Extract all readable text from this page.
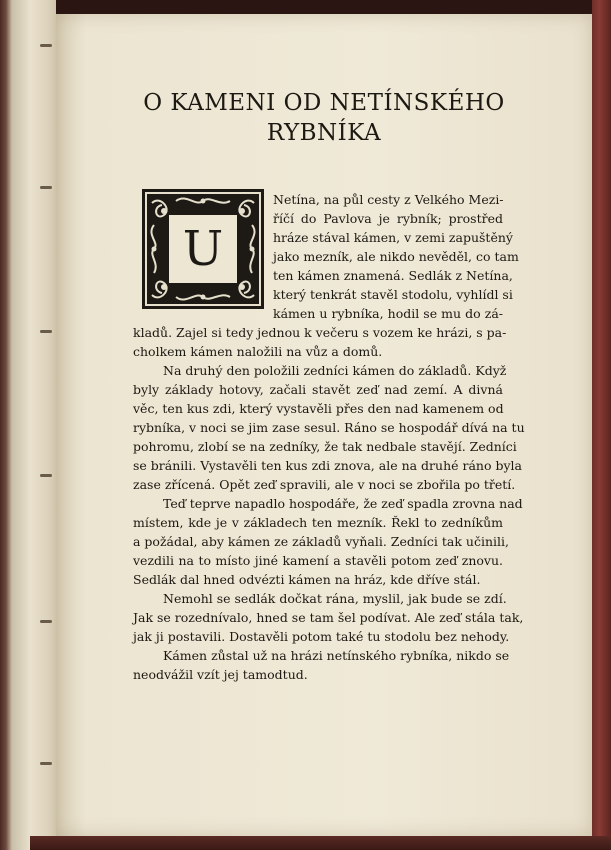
O KAMENI OD NETÍNSKÉHO
RYBNÍKA
U
Netína, na půl cesty z Velkého Mezi-
říčí do Pavlova je rybník; prostřed
hráze stával kámen, v zemi zapuštěný
jako mezník, ale nikdo nevěděl, co tam
ten kámen znamená. Sedlák z Netína,
který tenkrát stavěl stodolu, vyhlídl si
kámen u rybníka, hodil se mu do zá-
kladů. Zajel si tedy jednou k večeru s vozem ke hrázi, s pa-
cholkem kámen naložili na vůz a domů.
Na druhý den položili zedníci kámen do základů. Když
byly základy hotovy, začali stavět zeď nad zemí. A divná
věc, ten kus zdi, který vystavěli přes den nad kamenem od
rybníka, v noci se jim zase sesul. Ráno se hospodář dívá na tu
pohromu, zlobí se na zedníky, že tak nedbale stavějí. Zedníci
se bránili. Vystavěli ten kus zdi znova, ale na druhé ráno byla
zase zřícená. Opět zeď spravili, ale v noci se zbořila po třetí.
Teď teprve napadlo hospodáře, že zeď spadla zrovna nad
místem, kde je v základech ten mezník. Řekl to zedníkům
a požádal, aby kámen ze základů vyňali. Zedníci tak učinili,
vezdili na to místo jiné kamení a stavěli potom zeď znovu.
Sedlák dal hned odvézti kámen na hráz, kde dříve stál.
Nemohl se sedlák dočkat rána, myslil, jak bude se zdí.
Jak se rozednívalo, hned se tam šel podívat. Ale zeď stála tak,
jak ji postavili. Dostavěli potom také tu stodolu bez nehody.
Kámen zůstal už na hrázi netínského rybníka, nikdo se
neodvážil vzít jej tamodtud.
